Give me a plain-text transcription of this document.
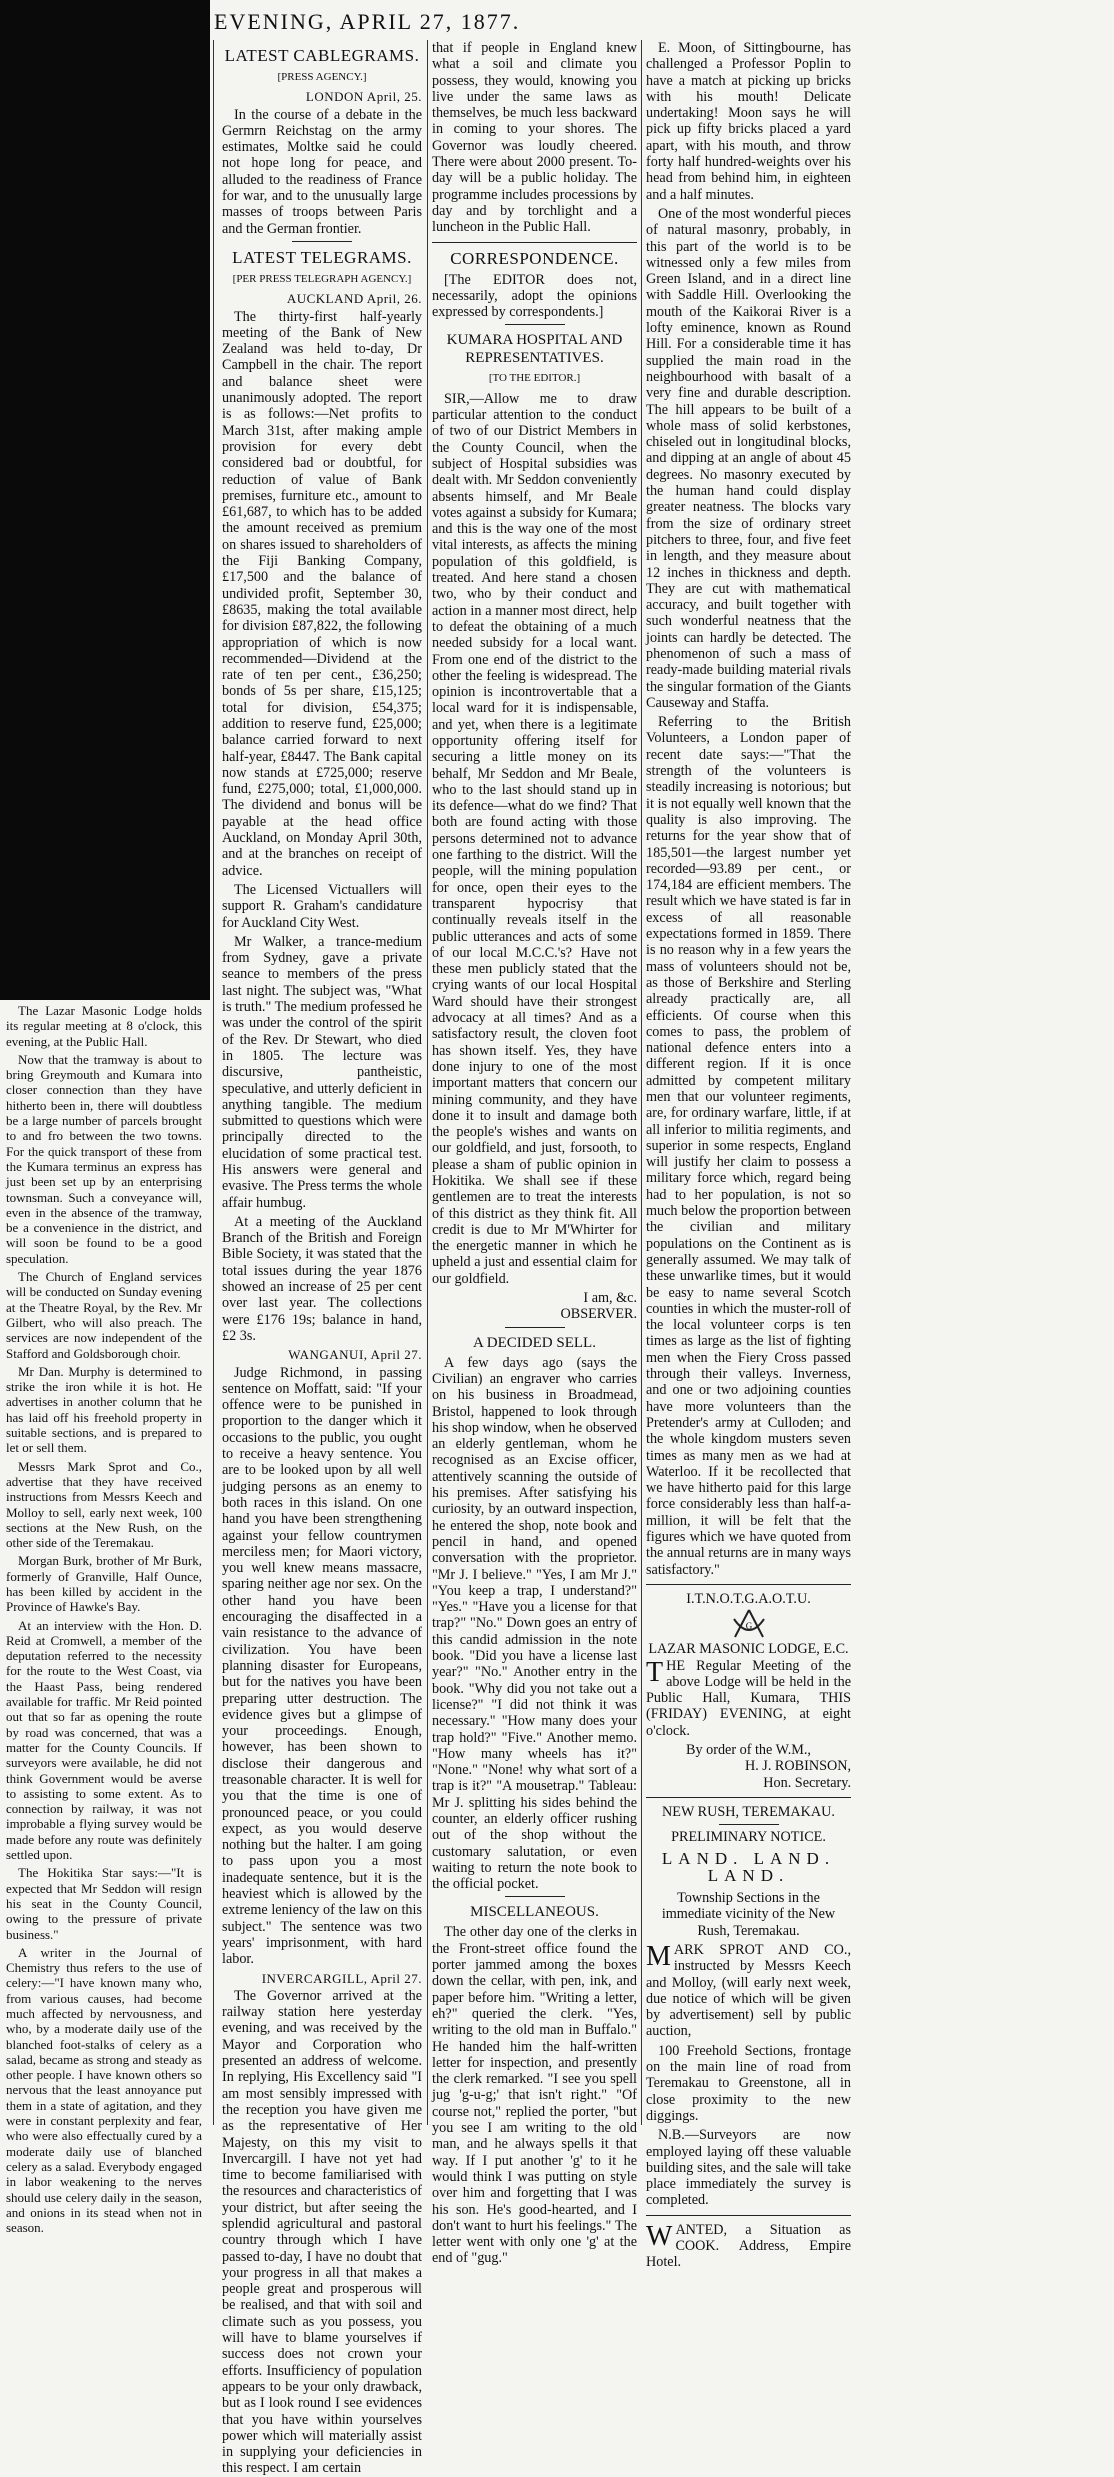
EVENING, APRIL 27, 1877.

The Lazar Masonic Lodge holds its regular meeting at 8 o'clock, this evening, at the Public Hall.

Now that the tramway is about to bring Greymouth and Kumara into closer connection than they have hitherto been in, there will doubtless be a large number of parcels brought to and fro between the two towns. For the quick transport of these from the Kumara terminus an express has just been set up by an enterprising townsman. Such a conveyance will, even in the absence of the tramway, be a convenience in the district, and will soon be found to be a good speculation.

The Church of England services will be conducted on Sunday evening at the Theatre Royal, by the Rev. Mr Gilbert, who will also preach. The services are now independent of the Stafford and Goldsborough choir.

Mr Dan. Murphy is determined to strike the iron while it is hot. He advertises in another column that he has laid off his freehold property in suitable sections, and is prepared to let or sell them.

Messrs Mark Sprot and Co., advertise that they have received instructions from Messrs Keech and Molloy to sell, early next week, 100 sections at the New Rush, on the other side of the Teremakau.

Morgan Burk, brother of Mr Burk, formerly of Granville, Half Ounce, has been killed by accident in the Province of Hawke's Bay.

At an interview with the Hon. D. Reid at Cromwell, a member of the deputation referred to the necessity for the route to the West Coast, via the Haast Pass, being rendered available for traffic. Mr Reid pointed out that so far as opening the route by road was concerned, that was a matter for the County Councils. If surveyors were available, he did not think Government would be averse to assisting to some extent. As to connection by railway, it was not improbable a flying survey would be made before any route was definitely settled upon.

The Hokitika Star says:—"It is expected that Mr Seddon will resign his seat in the County Council, owing to the pressure of private business."

A writer in the Journal of Chemistry thus refers to the use of celery:—"I have known many who, from various causes, had become much affected by nervousness, and who, by a moderate daily use of the blanched foot-stalks of celery as a salad, became as strong and steady as other people. I have known others so nervous that the least annoyance put them in a state of agitation, and they were in constant perplexity and fear, who were also effectually cured by a moderate daily use of blanched celery as a salad. Everybody engaged in labor weakening to the nerves should use celery daily in the season, and onions in its stead when not in season.

LATEST CABLEGRAMS.
[PRESS AGENCY.]
LONDON April, 25.

In the course of a debate in the Germrn Reichstag on the army estimates, Moltke said he could not hope long for peace, and alluded to the readiness of France for war, and to the unusually large masses of troops between Paris and the German frontier.

LATEST TELEGRAMS.
[PER PRESS TELEGRAPH AGENCY.]
AUCKLAND April, 26.

The thirty-first half-yearly meeting of the Bank of New Zealand was held to-day, Dr Campbell in the chair. The report and balance sheet were unanimously adopted. The report is as follows:—Net profits to March 31st, after making ample provision for every debt considered bad or doubtful, for reduction of value of Bank premises, furniture etc., amount to £61,687, to which has to be added the amount received as premium on shares issued to shareholders of the Fiji Banking Company, £17,500 and the balance of undivided profit, September 30, £8635, making the total available for division £87,822, the following appropriation of which is now recommended—Dividend at the rate of ten per cent., £36,250; bonds of 5s per share, £15,125; total for division, £54,375; addition to reserve fund, £25,000; balance carried forward to next half-year, £8447. The Bank capital now stands at £725,000; reserve fund, £275,000; total, £1,000,000. The dividend and bonus will be payable at the head office Auckland, on Monday April 30th, and at the branches on receipt of advice.

The Licensed Victuallers will support R. Graham's candidature for Auckland City West.

Mr Walker, a trance-medium from Sydney, gave a private seance to members of the press last night. The subject was, "What is truth." The medium professed he was under the control of the spirit of the Rev. Dr Stewart, who died in 1805. The lecture was discursive, pantheistic, speculative, and utterly deficient in anything tangible. The medium submitted to questions which were principally directed to the elucidation of some practical test. His answers were general and evasive. The Press terms the whole affair humbug.

At a meeting of the Auckland Branch of the British and Foreign Bible Society, it was stated that the total issues during the year 1876 showed an increase of 25 per cent over last year. The collections were £176 19s; balance in hand, £2 3s.

WANGANUI, April 27.

Judge Richmond, in passing sentence on Moffatt, said: "If your offence were to be punished in proportion to the danger which it occasions to the public, you ought to receive a heavy sentence. You are to be looked upon by all well judging persons as an enemy to both races in this island. On one hand you have been strengthening against your fellow countrymen merciless men; for Maori victory, you well knew means massacre, sparing neither age nor sex. On the other hand you have been encouraging the disaffected in a vain resistance to the advance of civilization. You have been planning disaster for Europeans, but for the natives you have been preparing utter destruction. The evidence gives but a glimpse of your proceedings. Enough, however, has been shown to disclose their dangerous and treasonable character. It is well for you that the time is one of pronounced peace, or you could expect, as you would deserve nothing but the halter. I am going to pass upon you a most inadequate sentence, but it is the heaviest which is allowed by the extreme leniency of the law on this subject." The sentence was two years' imprisonment, with hard labor.

INVERCARGILL, April 27.

The Governor arrived at the railway station here yesterday evening, and was received by the Mayor and Corporation who presented an address of welcome. In replying, His Excellency said "I am most sensibly impressed with the reception you have given me as the representative of Her Majesty, on this my visit to Invercargill. I have not yet had time to become familiarised with the resources and characteristics of your district, but after seeing the splendid agricultural and pastoral country through which I have passed to-day, I have no doubt that your progress in all that makes a people great and prosperous will be realised, and that with soil and climate such as you possess, you will have to blame yourselves if success does not crown your efforts. Insufficiency of population appears to be your only drawback, but as I look round I see evidences that you have within yourselves power which will materially assist in supplying your deficiencies in this respect. I am certain

that if people in England knew what a soil and climate you possess, they would, knowing you live under the same laws as themselves, be much less backward in coming to your shores. The Governor was loudly cheered. There were about 2000 present. To-day will be a public holiday. The programme includes processions by day and by torchlight and a luncheon in the Public Hall.

CORRESPONDENCE.

[The EDITOR does not, necessarily, adopt the opinions expressed by correspondents.]

KUMARA HOSPITAL AND REPRESENTATIVES.
[TO THE EDITOR.]

SIR,—Allow me to draw particular attention to the conduct of two of our District Members in the County Council, when the subject of Hospital subsidies was dealt with. Mr Seddon conveniently absents himself, and Mr Beale votes against a subsidy for Kumara; and this is the way one of the most vital interests, as affects the mining population of this goldfield, is treated. And here stand a chosen two, who by their conduct and action in a manner most direct, help to defeat the obtaining of a much needed subsidy for a local want. From one end of the district to the other the feeling is widespread. The opinion is incontrovertable that a local ward for it is indispensable, and yet, when there is a legitimate opportunity offering itself for securing a little money on its behalf, Mr Seddon and Mr Beale, who to the last should stand up in its defence—what do we find? That both are found acting with those persons determined not to advance one farthing to the district. Will the people, will the mining population for once, open their eyes to the transparent hypocrisy that continually reveals itself in the public utterances and acts of some of our local M.C.C.'s? Have not these men publicly stated that the crying wants of our local Hospital Ward should have their strongest advocacy at all times? And as a satisfactory result, the cloven foot has shown itself. Yes, they have done injury to one of the most important matters that concern our mining community, and they have done it to insult and damage both the people's wishes and wants on our goldfield, and just, forsooth, to please a sham of public opinion in Hokitika. We shall see if these gentlemen are to treat the interests of this district as they think fit. All credit is due to Mr M'Whirter for the energetic manner in which he upheld a just and essential claim for our goldfield.

I am, &c.
OBSERVER.
A DECIDED SELL.

A few days ago (says the Civilian) an engraver who carries on his business in Broadmead, Bristol, happened to look through his shop window, when he observed an elderly gentleman, whom he recognised as an Excise officer, attentively scanning the outside of his premises. After satisfying his curiosity, by an outward inspection, he entered the shop, note book and pencil in hand, and opened conversation with the proprietor. "Mr J. I believe." "Yes, I am Mr J." "You keep a trap, I understand?" "Yes." "Have you a license for that trap?" "No." Down goes an entry of this candid admission in the note book. "Did you have a license last year?" "No." Another entry in the book. "Why did you not take out a license?" "I did not think it was necessary." "How many does your trap hold?" "Five." Another memo. "How many wheels has it?" "None." "None! why what sort of a trap is it?" "A mousetrap." Tableau: Mr J. splitting his sides behind the counter, an elderly officer rushing out of the shop without the customary salutation, or even waiting to return the note book to the official pocket.

MISCELLANEOUS.

The other day one of the clerks in the Front-street office found the porter jammed among the boxes down the cellar, with pen, ink, and paper before him. "Writing a letter, eh?" queried the clerk. "Yes, writing to the old man in Buffalo." He handed him the half-written letter for inspection, and presently the clerk remarked. "I see you spell jug 'g-u-g;' that isn't right." "Of course not," replied the porter, "but you see I am writing to the old man, and he always spells it that way. If I put another 'g' to it he would think I was putting on style over him and forgetting that I was his son. He's good-hearted, and I don't want to hurt his feelings." The letter went with only one 'g' at the end of "gug."

E. Moon, of Sittingbourne, has challenged a Professor Poplin to have a match at picking up bricks with his mouth! Delicate undertaking! Moon says he will pick up fifty bricks placed a yard apart, with his mouth, and throw forty half hundred-weights over his head from behind him, in eighteen and a half minutes.

One of the most wonderful pieces of natural masonry, probably, in this part of the world is to be witnessed only a few miles from Green Island, and in a direct line with Saddle Hill. Overlooking the mouth of the Kaikorai River is a lofty eminence, known as Round Hill. For a considerable time it has supplied the main road in the neighbourhood with basalt of a very fine and durable description. The hill appears to be built of a whole mass of solid kerbstones, chiseled out in longitudinal blocks, and dipping at an angle of about 45 degrees. No masonry executed by the human hand could display greater neatness. The blocks vary from the size of ordinary street pitchers to three, four, and five feet in length, and they measure about 12 inches in thickness and depth. They are cut with mathematical accuracy, and built together with such wonderful neatness that the joints can hardly be detected. The phenomenon of such a mass of ready-made building material rivals the singular formation of the Giants Causeway and Staffa.

Referring to the British Volunteers, a London paper of recent date says:—"That the strength of the volunteers is steadily increasing is notorious; but it is not equally well known that the quality is also improving. The returns for the year show that of 185,501—the largest number yet recorded—93.89 per cent., or 174,184 are efficient members. The result which we have stated is far in excess of all reasonable expectations formed in 1859. There is no reason why in a few years the mass of volunteers should not be, as those of Berkshire and Sterling already practically are, all efficients. Of course when this comes to pass, the problem of national defence enters into a different region. If it is once admitted by competent military men that our volunteer regiments, are, for ordinary warfare, little, if at all inferior to militia regiments, and superior in some respects, England will justify her claim to possess a military force which, regard being had to her population, is not so much below the proportion between the civilian and military populations on the Continent as is generally assumed. We may talk of these unwarlike times, but it would be easy to name several Scotch counties in which the muster-roll of the local volunteer corps is ten times as large as the list of fighting men when the Fiery Cross passed through their valleys. Inverness, and one or two adjoining counties have more volunteers than the Pretender's army at Culloden; and the whole kingdom musters seven times as many men as we had at Waterloo. If it be recollected that we have hitherto paid for this large force considerably less than half-a-million, it will be felt that the figures which we have quoted from the annual returns are in many ways satisfactory."

I.T.N.O.T.G.A.O.T.U.
G
LAZAR MASONIC LODGE, E.C.

THE Regular Meeting of the above Lodge will be held in the Public Hall, Kumara, THIS (FRIDAY) EVENING, at eight o'clock.

By order of the W.M.,
H. J. ROBINSON,
Hon. Secretary.
NEW RUSH, TEREMAKAU.
PRELIMINARY NOTICE.
LAND. LAND. LAND.

Township Sections in the immediate vicinity of the New Rush, Teremakau.

MARK SPROT AND CO., instructed by Messrs Keech and Molloy, (will early next week, due notice of which will be given by advertisement) sell by public auction,

100 Freehold Sections, frontage on the main line of road from Teremakau to Greenstone, all in close proximity to the new diggings.

N.B.—Surveyors are now employed laying off these valuable building sites, and the sale will take place immediately the survey is completed.

WANTED, a Situation as COOK. Address, Empire Hotel.
